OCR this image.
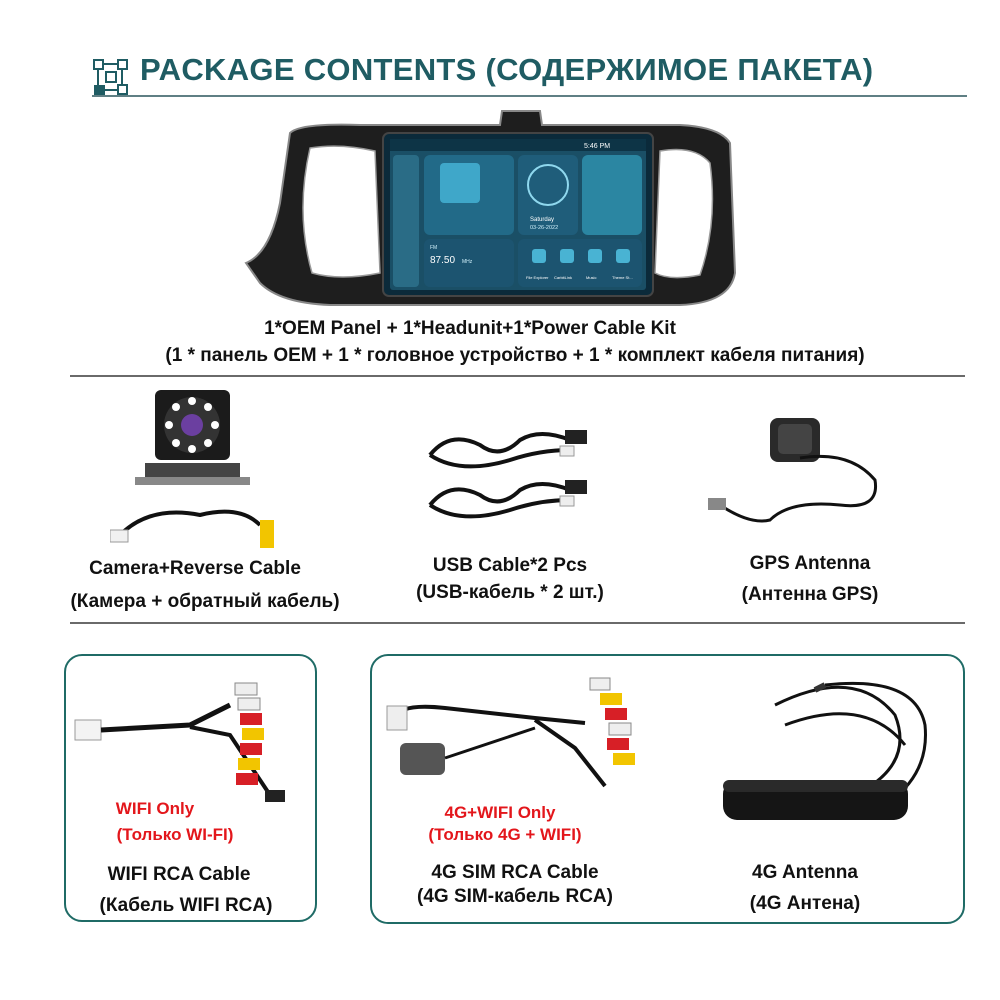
PACKAGE CONTENTS (СОДЕРЖИМОЕ ПАКЕТА)
5:46 PM
Saturday
03-26-2022
FM
87.50 MHz
File Explorer CarbitLink	Music	Theme St...
1*OEM Panel + 1*Headunit+1*Power Cable Kit
(1 * панель OEM + 1 * головное устройство + 1 * комплект кабеля питания)
Camera+Reverse Cable
(Камера + обратный кабель)
USB Cable*2 Pcs
(USB-кабель * 2 шт.)
GPS Antenna
(Антенна GPS)
WIFI Only
(Только WI-FI)
WIFI RCA Cable
(Кабель WIFI RCA)
4G+WIFI Only
(Только 4G + WIFI)
4G SIM RCA Cable
(4G SIM-кабель RCA)
4G Antenna
(4G Антена)
